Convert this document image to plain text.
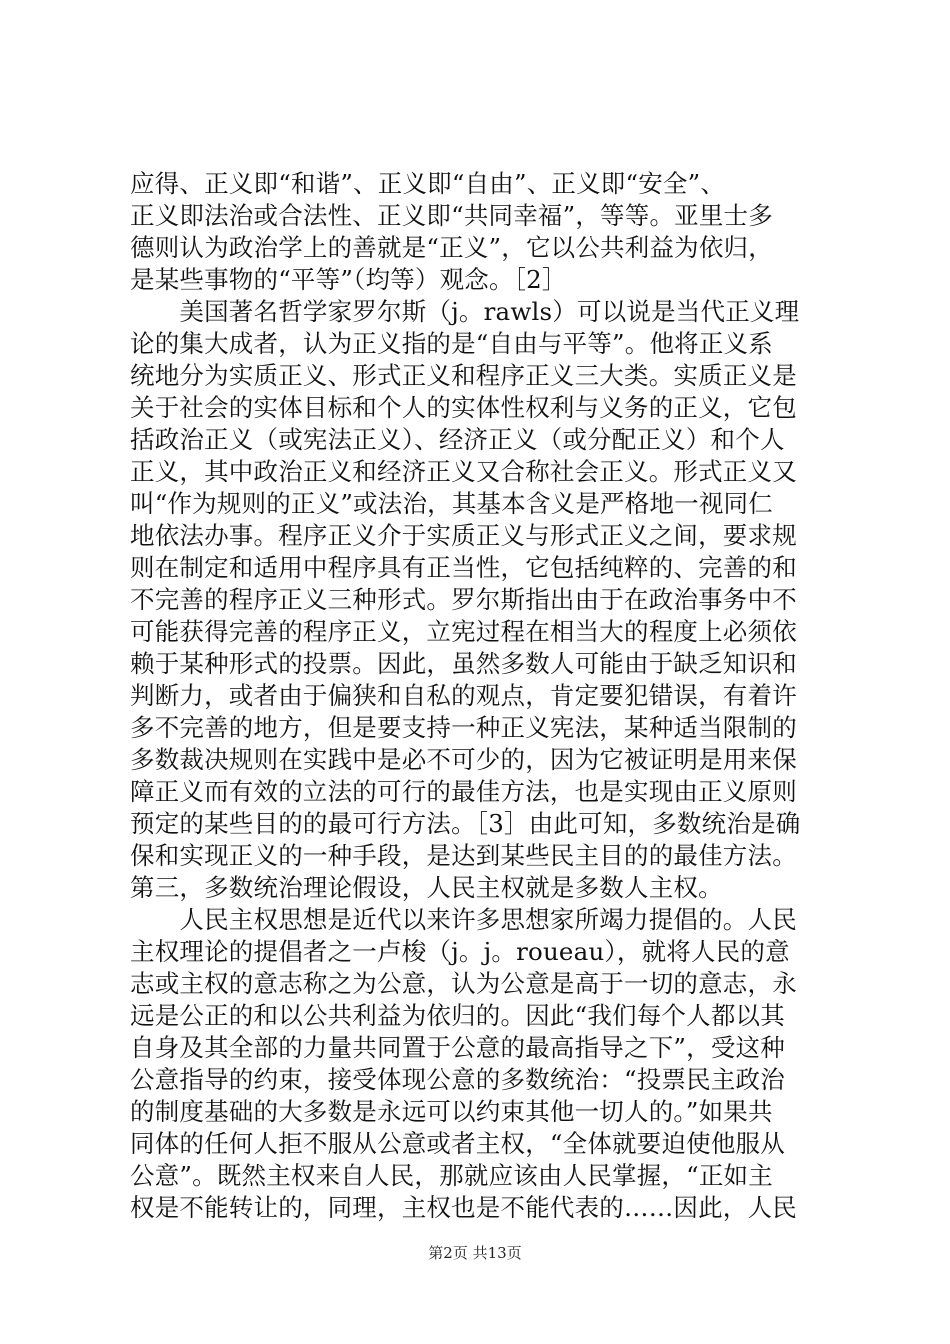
应得、正义即“和谐”、正义即“自由”、正义即“安全”、
正义即法治或合法性、正义即“共同幸福”，等等。亚里士多
德则认为政治学上的善就是“正义”，它以公共利益为依归，
是某些事物的“平等”（均等）观念。［2］
　　美国著名哲学家罗尔斯（j。rawls）可以说是当代正义理
论的集大成者，认为正义指的是“自由与平等”。他将正义系
统地分为实质正义、形式正义和程序正义三大类。实质正义是
关于社会的实体目标和个人的实体性权利与义务的正义，它包
括政治正义（或宪法正义）、经济正义（或分配正义）和个人
正义，其中政治正义和经济正义又合称社会正义。形式正义又
叫“作为规则的正义”或法治，其基本含义是严格地一视同仁
地依法办事。程序正义介于实质正义与形式正义之间，要求规
则在制定和适用中程序具有正当性，它包括纯粹的、完善的和
不完善的程序正义三种形式。罗尔斯指出由于在政治事务中不
可能获得完善的程序正义，立宪过程在相当大的程度上必须依
赖于某种形式的投票。因此，虽然多数人可能由于缺乏知识和
判断力，或者由于偏狭和自私的观点，肯定要犯错误，有着许
多不完善的地方，但是要支持一种正义宪法，某种适当限制的
多数裁决规则在实践中是必不可少的，因为它被证明是用来保
障正义而有效的立法的可行的最佳方法，也是实现由正义原则
预定的某些目的的最可行方法。［3］由此可知，多数统治是确
保和实现正义的一种手段，是达到某些民主目的的最佳方法。
第三，多数统治理论假设，人民主权就是多数人主权。
　　人民主权思想是近代以来许多思想家所竭力提倡的。人民
主权理论的提倡者之一卢梭（j。j。roueau），就将人民的意
志或主权的意志称之为公意，认为公意是高于一切的意志，永
远是公正的和以公共利益为依归的。因此“我们每个人都以其
自身及其全部的力量共同置于公意的最高指导之下”，受这种
公意指导的约束，接受体现公意的多数统治：“投票民主政治
的制度基础的大多数是永远可以约束其他一切人的。”如果共
同体的任何人拒不服从公意或者主权，“全体就要迫使他服从
公意”。既然主权来自人民，那就应该由人民掌握，“正如主
权是不能转让的，同理，主权也是不能代表的……因此，人民
第2页 共13页
